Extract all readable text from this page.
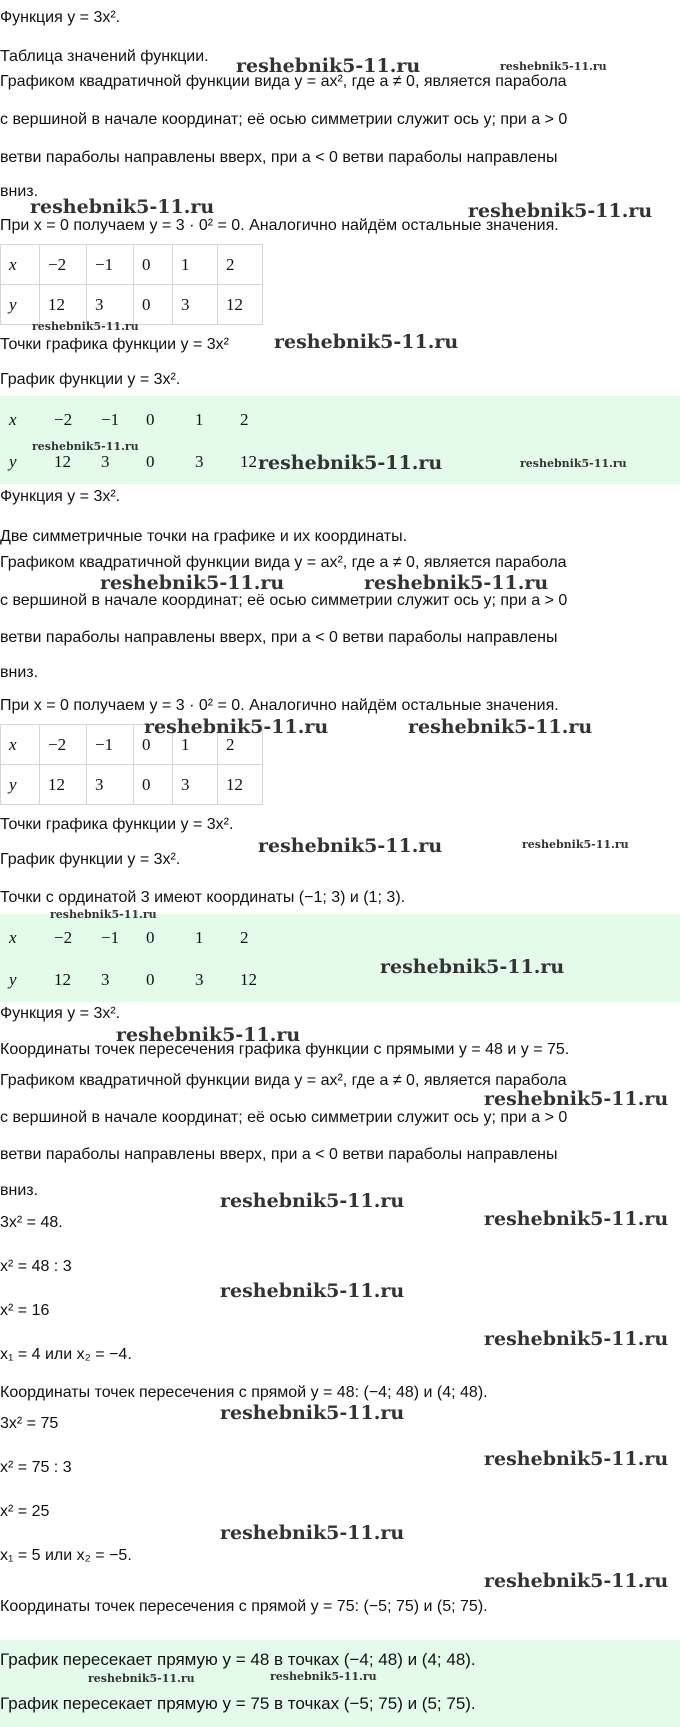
Функция y = 3x².
Таблица значений функции.
Графиком квадратичной функции вида y = ax², где a ≠ 0, является парабола
с вершиной в начале координат; её осью симметрии служит ось y; при a > 0
ветви параболы направлены вверх, при a < 0 ветви параболы направлены
вниз.
При x = 0 получаем y = 3 · 0² = 0. Аналогично найдём остальные значения.
x	−2	−1	0	1	2
y	12	3	0	3	12
Точки графика функции y = 3x²
График функции y = 3x².
x	−2	−1	0	1	2
y	12	3	0	3	12
Функция y = 3x².
Две симметричные точки на графике и их координаты.
Графиком квадратичной функции вида y = ax², где a ≠ 0, является парабола
с вершиной в начале координат; её осью симметрии служит ось y; при a > 0
ветви параболы направлены вверх, при a < 0 ветви параболы направлены
вниз.
При x = 0 получаем y = 3 · 0² = 0. Аналогично найдём остальные значения.
x	−2	−1	0	1	2
y	12	3	0	3	12
Точки графика функции y = 3x².
График функции y = 3x².
Точки с ординатой 3 имеют координаты (−1; 3) и (1; 3).
x	−2	−1	0	1	2
y	12	3	0	3	12
Функция y = 3x².
Координаты точек пересечения графика функции с прямыми y = 48 и y = 75.
Графиком квадратичной функции вида y = ax², где a ≠ 0, является парабола
с вершиной в начале координат; её осью симметрии служит ось y; при a > 0
ветви параболы направлены вверх, при a < 0 ветви параболы направлены
вниз.
3x² = 48.
x² = 48 : 3
x² = 16
x₁ = 4 или x₂ = −4.
Координаты точек пересечения с прямой y = 48: (−4; 48) и (4; 48).
3x² = 75
x² = 75 : 3
x² = 25
x₁ = 5 или x₂ = −5.
Координаты точек пересечения с прямой y = 75: (−5; 75) и (5; 75).
График пересекает прямую y = 48 в точках (−4; 48) и (4; 48).
График пересекает прямую y = 75 в точках (−5; 75) и (5; 75).
reshebnik5-11.ru	reshebnik5-11.ru
reshebnik5-11.ru	reshebnik5-11.ru
reshebnik5-11.ru
reshebnik5-11.ru
reshebnik5-11.ru
reshebnik5-11.ru	reshebnik5-11.ru
reshebnik5-11.ru	reshebnik5-11.ru
reshebnik5-11.ru	reshebnik5-11.ru
reshebnik5-11.ru	reshebnik5-11.ru
reshebnik5-11.ru
reshebnik5-11.ru
reshebnik5-11.ru
reshebnik5-11.ru
reshebnik5-11.ru
reshebnik5-11.ru
reshebnik5-11.ru
reshebnik5-11.ru
reshebnik5-11.ru
reshebnik5-11.ru
reshebnik5-11.ru
reshebnik5-11.ru
reshebnik5-11.ru	reshebnik5-11.ru
